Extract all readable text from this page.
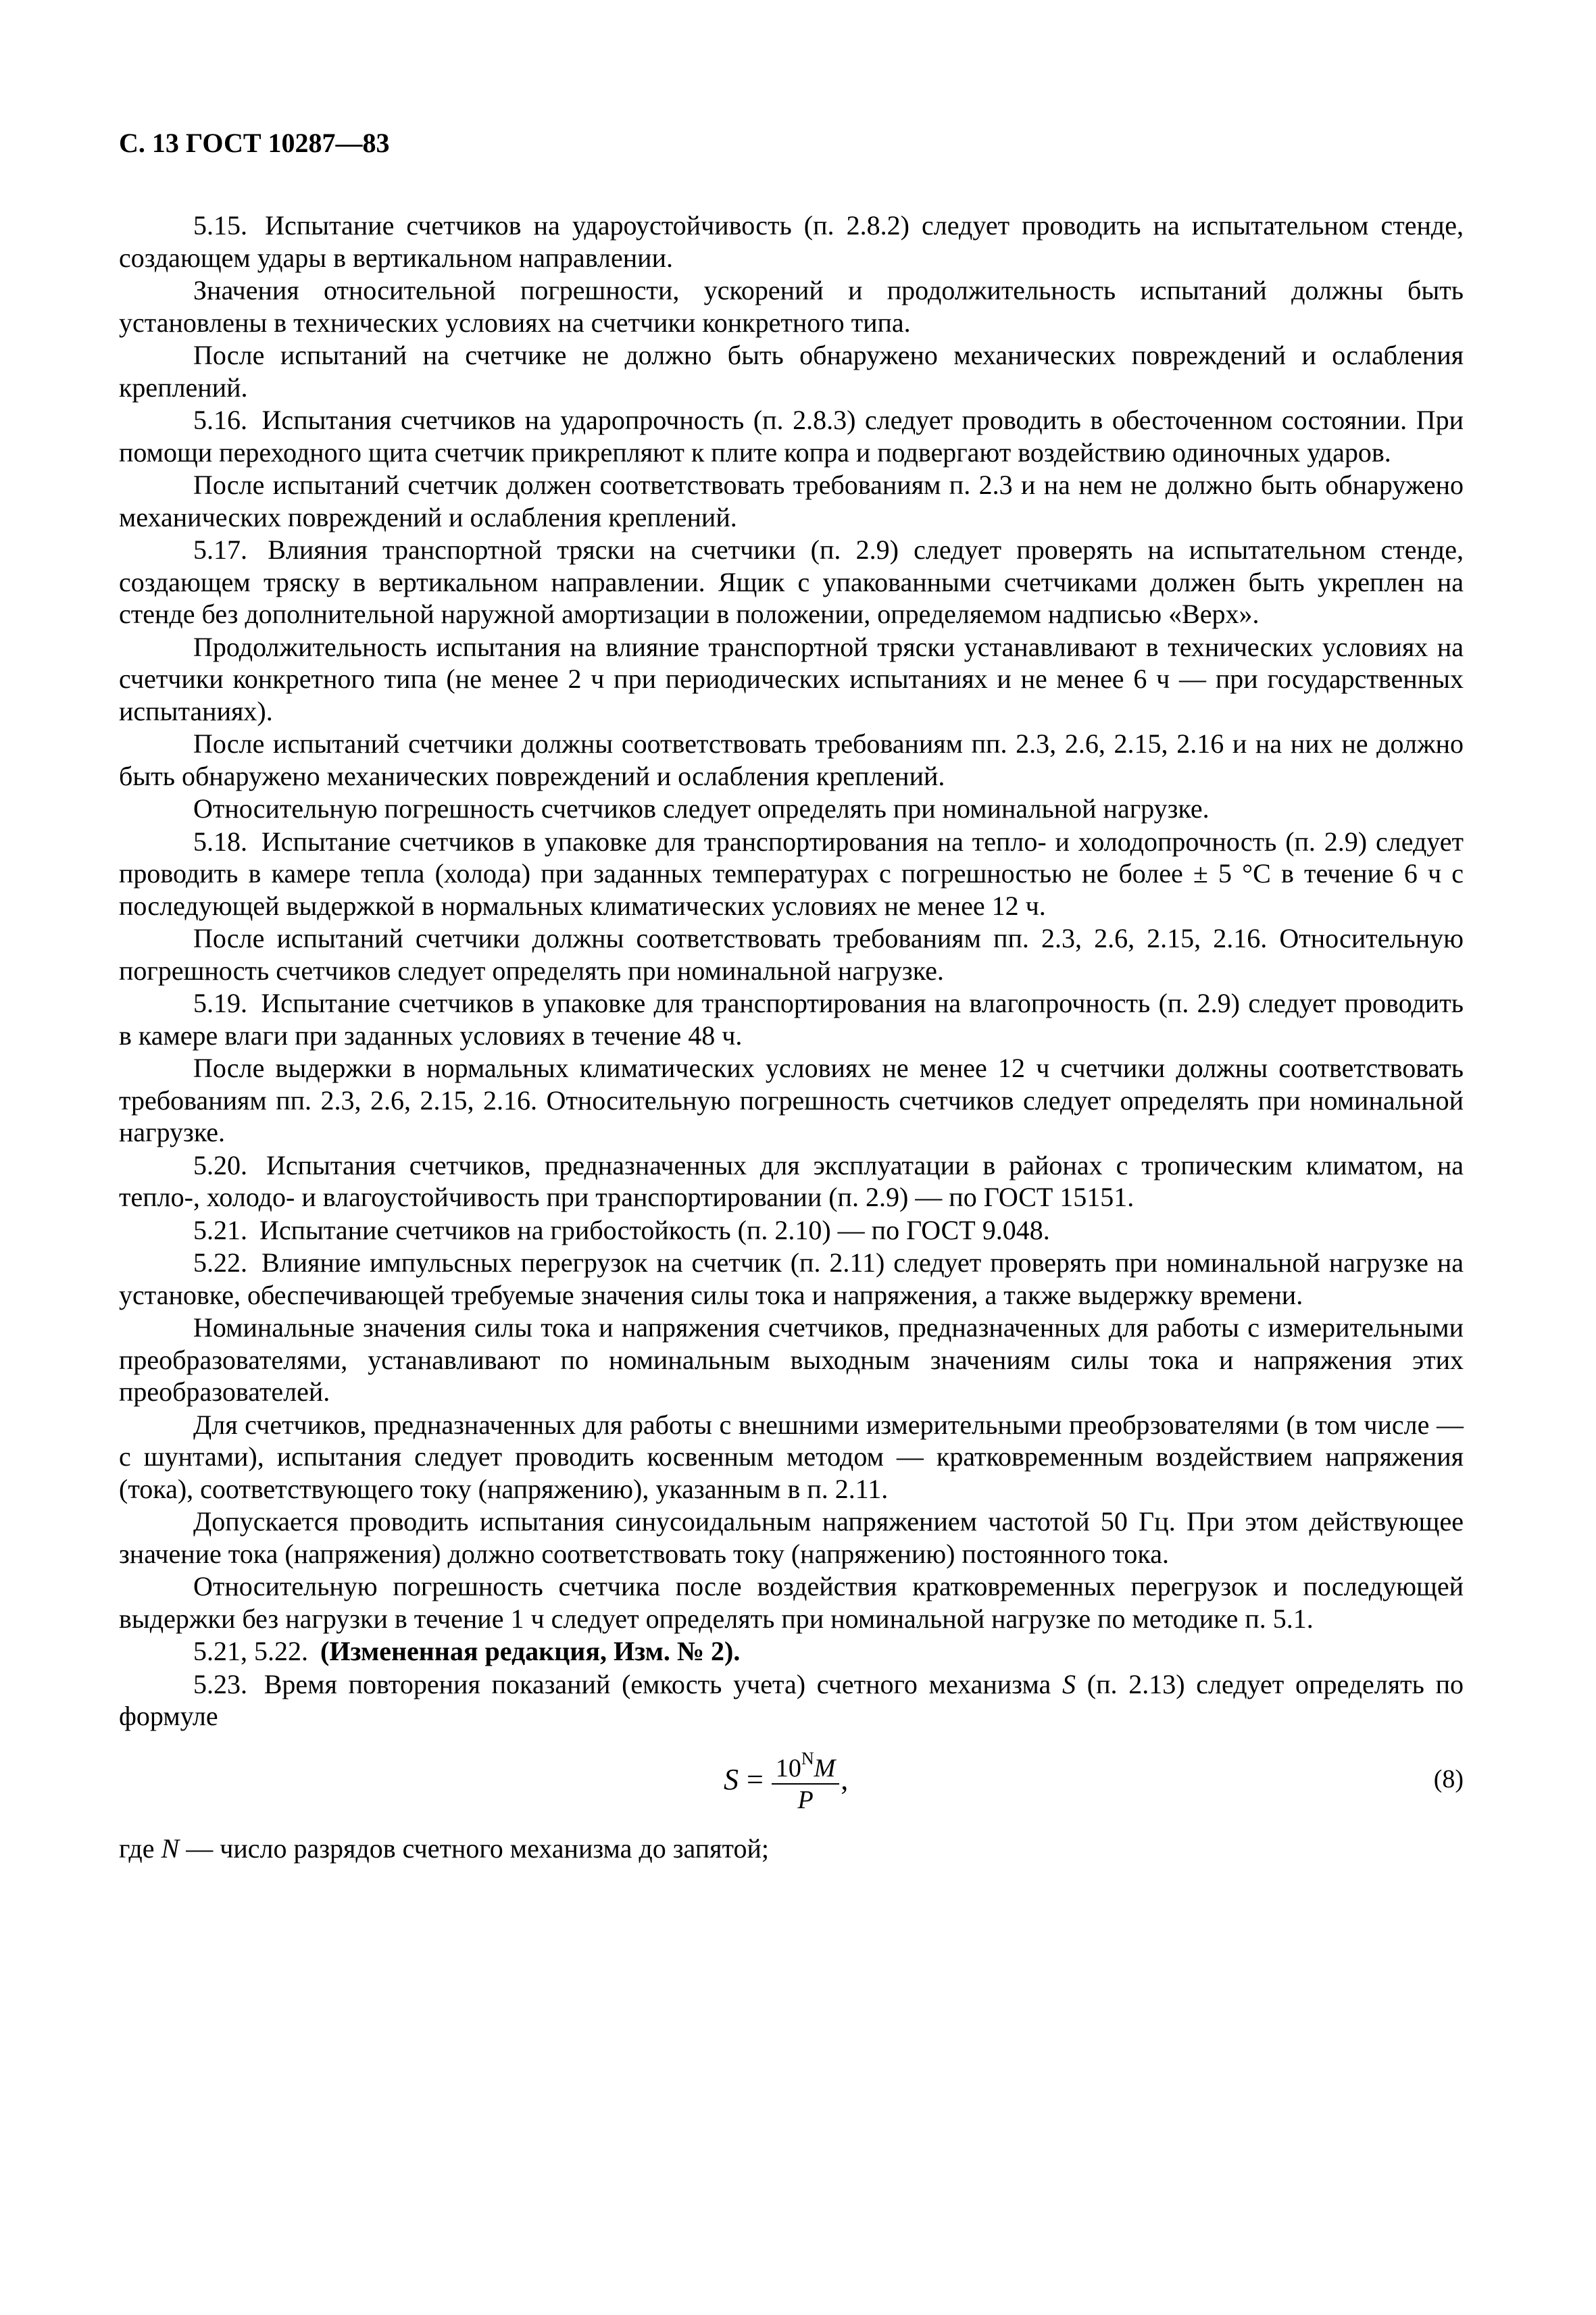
С. 13 ГОСТ 10287—83

5.15. Испытание счетчиков на удароустойчивость (п. 2.8.2) следует проводить на испытательном стенде, создающем удары в вертикальном направлении.

Значения относительной погрешности, ускорений и продолжительность испытаний должны быть установлены в технических условиях на счетчики конкретного типа.

После испытаний на счетчике не должно быть обнаружено механических повреждений и ослабления креплений.

5.16. Испытания счетчиков на ударопрочность (п. 2.8.3) следует проводить в обесточенном состоянии. При помощи переходного щита счетчик прикрепляют к плите копра и подвергают воздействию одиночных ударов.

После испытаний счетчик должен соответствовать требованиям п. 2.3 и на нем не должно быть обнаружено механических повреждений и ослабления креплений.

5.17. Влияния транспортной тряски на счетчики (п. 2.9) следует проверять на испытательном стенде, создающем тряску в вертикальном направлении. Ящик с упакованными счетчиками должен быть укреплен на стенде без дополнительной наружной амортизации в положении, определяемом надписью «Верх».

Продолжительность испытания на влияние транспортной тряски устанавливают в технических условиях на счетчики конкретного типа (не менее 2 ч при периодических испытаниях и не менее 6 ч — при государственных испытаниях).

После испытаний счетчики должны соответствовать требованиям пп. 2.3, 2.6, 2.15, 2.16 и на них не должно быть обнаружено механических повреждений и ослабления креплений.

Относительную погрешность счетчиков следует определять при номинальной нагрузке.

5.18. Испытание счетчиков в упаковке для транспортирования на тепло- и холодопрочность (п. 2.9) следует проводить в камере тепла (холода) при заданных температурах с погрешностью не более ± 5 °С в течение 6 ч с последующей выдержкой в нормальных климатических условиях не менее 12 ч.

После испытаний счетчики должны соответствовать требованиям пп. 2.3, 2.6, 2.15, 2.16. Относительную погрешность счетчиков следует определять при номинальной нагрузке.

5.19. Испытание счетчиков в упаковке для транспортирования на влагопрочность (п. 2.9) следует проводить в камере влаги при заданных условиях в течение 48 ч.

После выдержки в нормальных климатических условиях не менее 12 ч счетчики должны соответствовать требованиям пп. 2.3, 2.6, 2.15, 2.16. Относительную погрешность счетчиков следует определять при номинальной нагрузке.

5.20. Испытания счетчиков, предназначенных для эксплуатации в районах с тропическим климатом, на тепло-, холодо- и влагоустойчивость при транспортировании (п. 2.9) — по ГОСТ 15151.

5.21. Испытание счетчиков на грибостойкость (п. 2.10) — по ГОСТ 9.048.

5.22. Влияние импульсных перегрузок на счетчик (п. 2.11) следует проверять при номинальной нагрузке на установке, обеспечивающей требуемые значения силы тока и напряжения, а также выдержку времени.

Номинальные значения силы тока и напряжения счетчиков, предназначенных для работы с измерительными преобразователями, устанавливают по номинальным выходным значениям силы тока и напряжения этих преобразователей.

Для счетчиков, предназначенных для работы с внешними измерительными преобрзователями (в том числе — с шунтами), испытания следует проводить косвенным методом — кратковременным воздействием напряжения (тока), соответствующего току (напряжению), указанным в п. 2.11.

Допускается проводить испытания синусоидальным напряжением частотой 50 Гц. При этом действующее значение тока (напряжения) должно соответствовать току (напряжению) постоянного тока.

Относительную погрешность счетчика после воздействия кратковременных перегрузок и последующей выдержки без нагрузки в течение 1 ч следует определять при номинальной нагрузке по методике п. 5.1.

5.21, 5.22. (Измененная редакция, Изм. № 2).

5.23. Время повторения показаний (емкость учета) счетного механизма S (п. 2.13) следует определять по формуле

$S = \frac{10^NM}{P}$ ,	(8)

где N — число разрядов счетного механизма до запятой;
